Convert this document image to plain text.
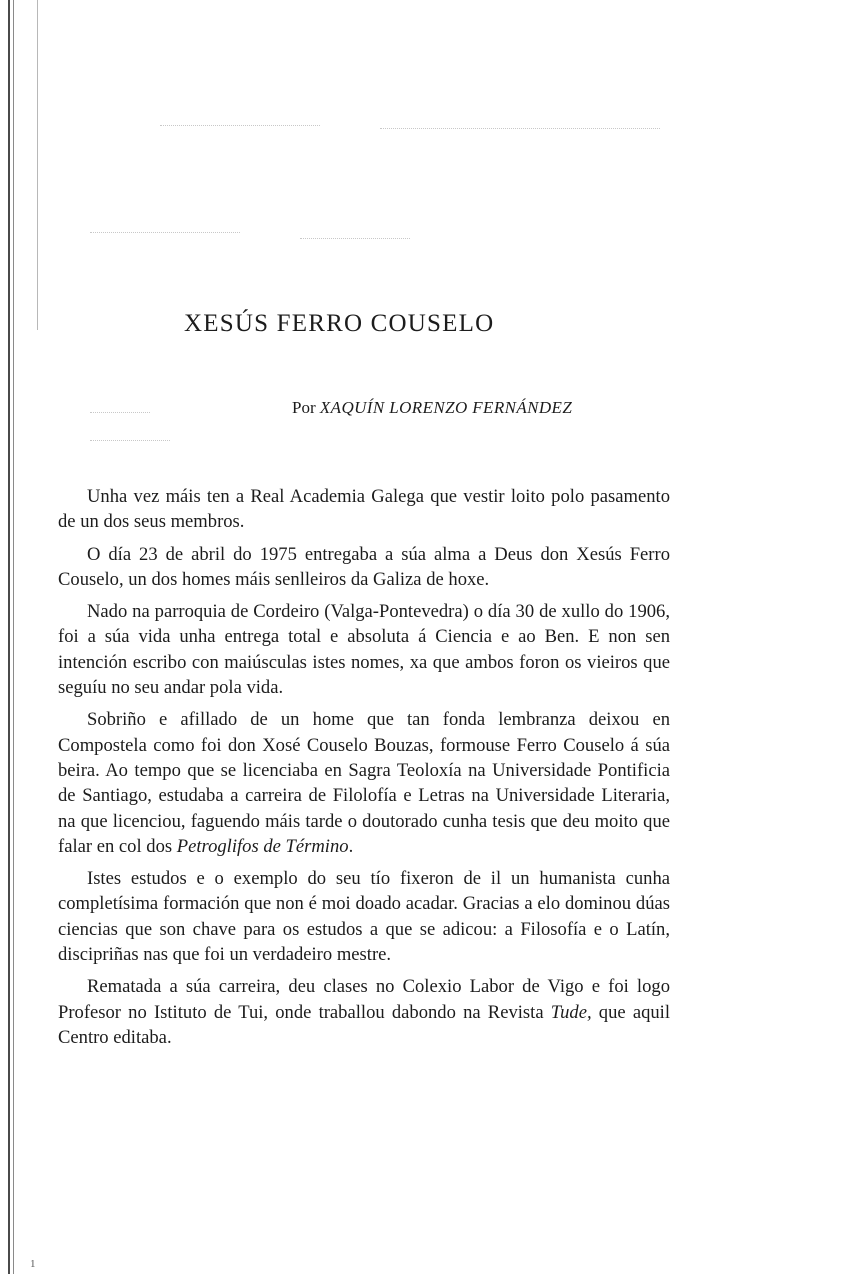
XESÚS FERRO COUSELO

Por XAQUÍN LORENZO FERNÁNDEZ

Unha vez máis ten a Real Academia Galega que vestir loito polo pasamento de un dos seus membros.

O día 23 de abril do 1975 entregaba a súa alma a Deus don Xesús Ferro Couselo, un dos homes máis senlleiros da Galiza de hoxe.

Nado na parroquia de Cordeiro (Valga-Pontevedra) o día 30 de xullo do 1906, foi a súa vida unha entrega total e absoluta á Ciencia e ao Ben. E non sen intención escribo con maiúsculas istes nomes, xa que ambos foron os vieiros que seguíu no seu andar pola vida.

Sobriño e afillado de un home que tan fonda lembranza deixou en Compostela como foi don Xosé Couselo Bouzas, formouse Ferro Couselo á súa beira. Ao tempo que se licenciaba en Sagra Teoloxía na Universidade Pontificia de Santiago, estudaba a carreira de Filolofía e Letras na Universidade Literaria, na que licenciou, faguendo máis tarde o doutorado cunha tesis que deu moito que falar en col dos Petroglifos de Término.

Istes estudos e o exemplo do seu tío fixeron de il un humanista cunha completísima formación que non é moi doado acadar. Gracias a elo dominou dúas ciencias que son chave para os estudos a que se adicou: a Filosofía e o Latín, discipriñas nas que foi un verdadeiro mestre.

Rematada a súa carreira, deu clases no Colexio Labor de Vigo e foi logo Profesor no Istituto de Tui, onde traballou dabondo na Revista Tude, que aquil Centro editaba.

1
